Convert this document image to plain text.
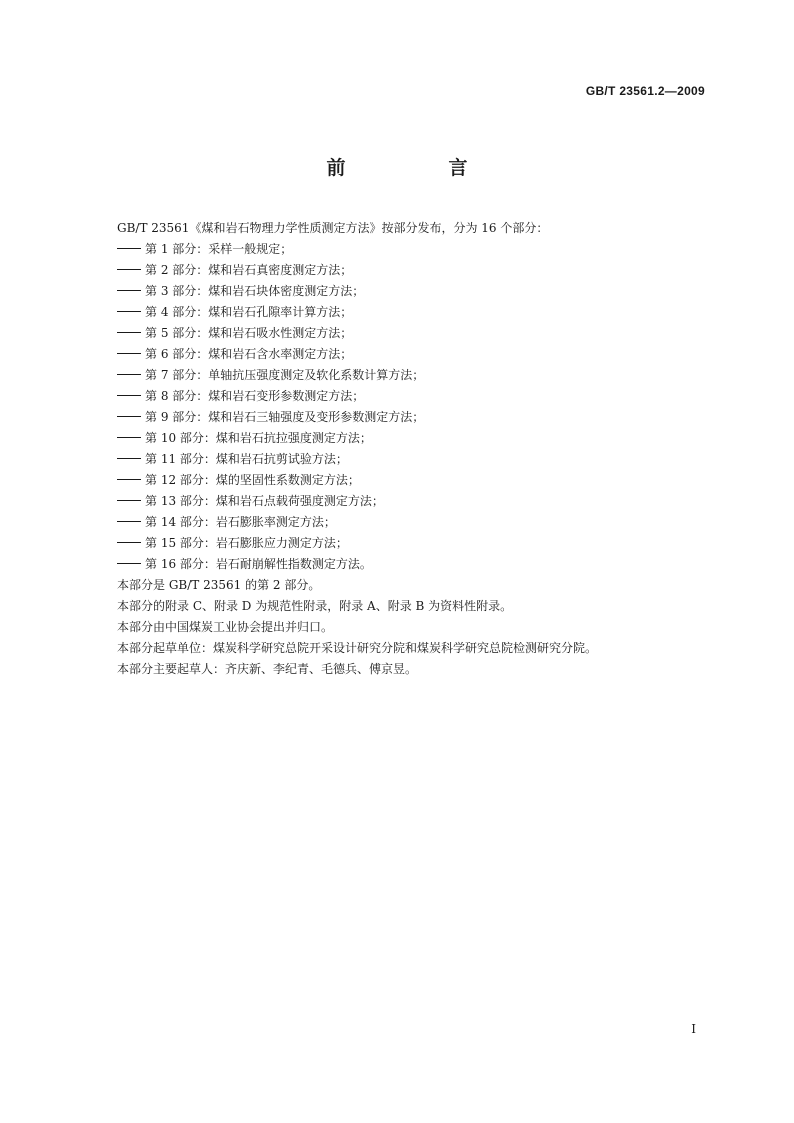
GB/T 23561.2—2009

前　言

GB/T 23561《煤和岩石物理力学性质测定方法》按部分发布，分为 16 个部分：

第 1 部分：采样一般规定；
第 2 部分：煤和岩石真密度测定方法；
第 3 部分：煤和岩石块体密度测定方法；
第 4 部分：煤和岩石孔隙率计算方法；
第 5 部分：煤和岩石吸水性测定方法；
第 6 部分：煤和岩石含水率测定方法；
第 7 部分：单轴抗压强度测定及软化系数计算方法；
第 8 部分：煤和岩石变形参数测定方法；
第 9 部分：煤和岩石三轴强度及变形参数测定方法；
第 10 部分：煤和岩石抗拉强度测定方法；
第 11 部分：煤和岩石抗剪试验方法；
第 12 部分：煤的坚固性系数测定方法；
第 13 部分：煤和岩石点载荷强度测定方法；
第 14 部分：岩石膨胀率测定方法；
第 15 部分：岩石膨胀应力测定方法；
第 16 部分：岩石耐崩解性指数测定方法。

本部分是 GB/T 23561 的第 2 部分。

本部分的附录 C、附录 D 为规范性附录，附录 A、附录 B 为资料性附录。

本部分由中国煤炭工业协会提出并归口。

本部分起草单位：煤炭科学研究总院开采设计研究分院和煤炭科学研究总院检测研究分院。

本部分主要起草人：齐庆新、李纪青、毛德兵、傅京昱。

I
